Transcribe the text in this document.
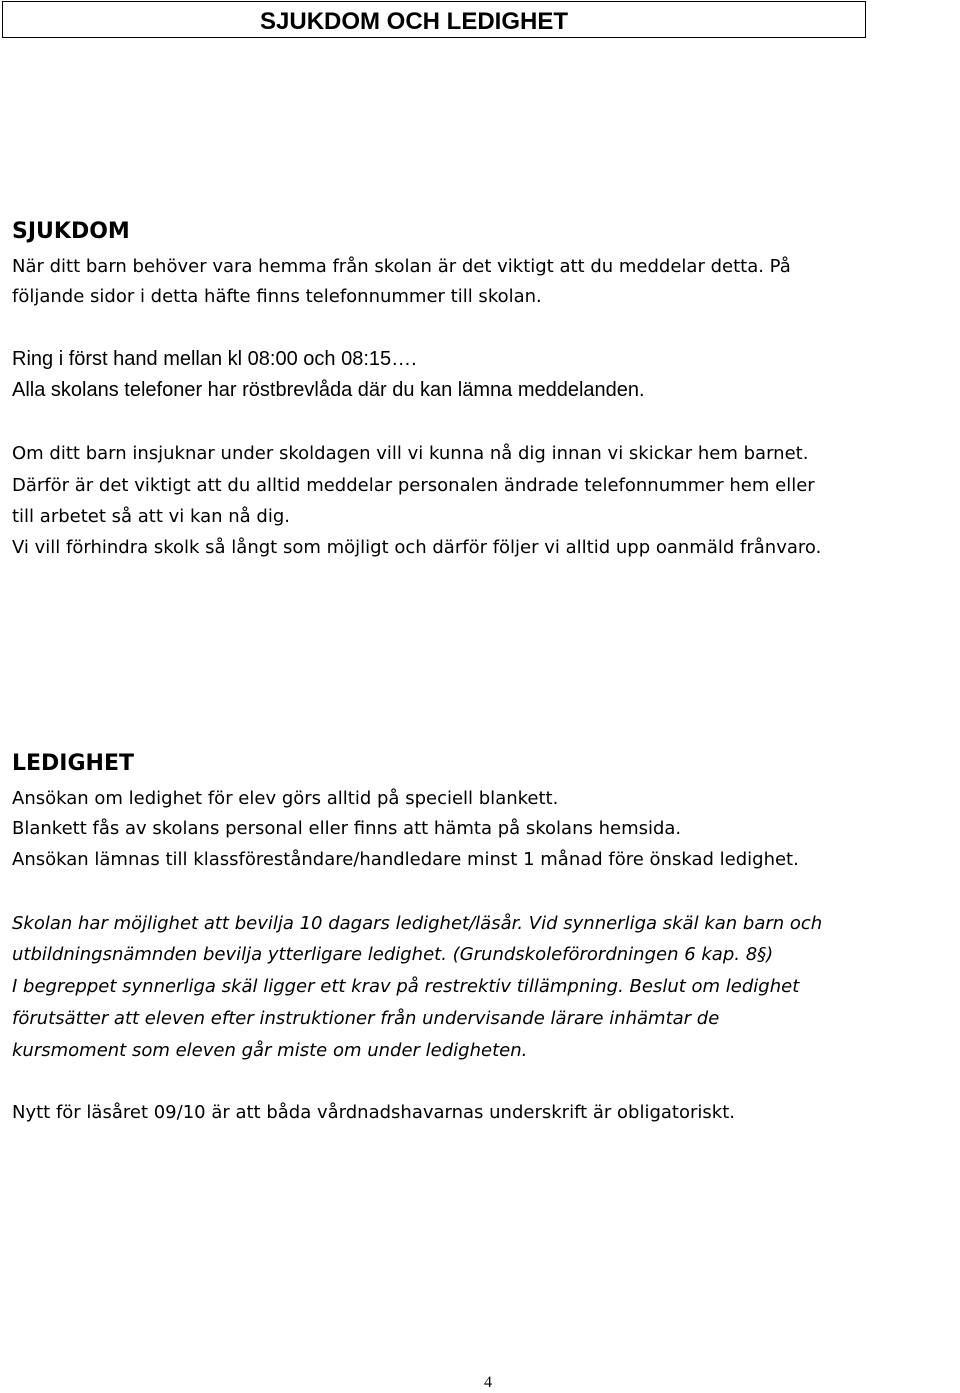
SJUKDOM OCH LEDIGHET
SJUKDOM
När ditt barn behöver vara hemma från skolan är det viktigt att du meddelar detta. På
följande sidor i detta häfte finns telefonnummer till skolan.
Ring i först hand mellan kl 08:00 och 08:15….
Alla skolans telefoner har röstbrevlåda där du kan lämna meddelanden.
Om ditt barn insjuknar under skoldagen vill vi kunna nå dig innan vi skickar hem barnet.
Därför är det viktigt att du alltid meddelar personalen ändrade telefonnummer hem eller
till arbetet så att vi kan nå dig.
Vi vill förhindra skolk så långt som möjligt och därför följer vi alltid upp oanmäld frånvaro.
LEDIGHET
Ansökan om ledighet för elev görs alltid på speciell blankett.
Blankett fås av skolans personal eller finns att hämta på skolans hemsida.
Ansökan lämnas till klassföreståndare/handledare minst 1 månad före önskad ledighet.
Skolan har möjlighet att bevilja 10 dagars ledighet/läsår. Vid synnerliga skäl kan barn och
utbildningsnämnden bevilja ytterligare ledighet. (Grundskoleförordningen 6 kap. 8§)
I begreppet synnerliga skäl ligger ett krav på restrektiv tillämpning. Beslut om ledighet
förutsätter att eleven efter instruktioner från undervisande lärare inhämtar de
kursmoment som eleven går miste om under ledigheten.
Nytt för läsåret 09/10 är att båda vårdnadshavarnas underskrift är obligatoriskt.
4
